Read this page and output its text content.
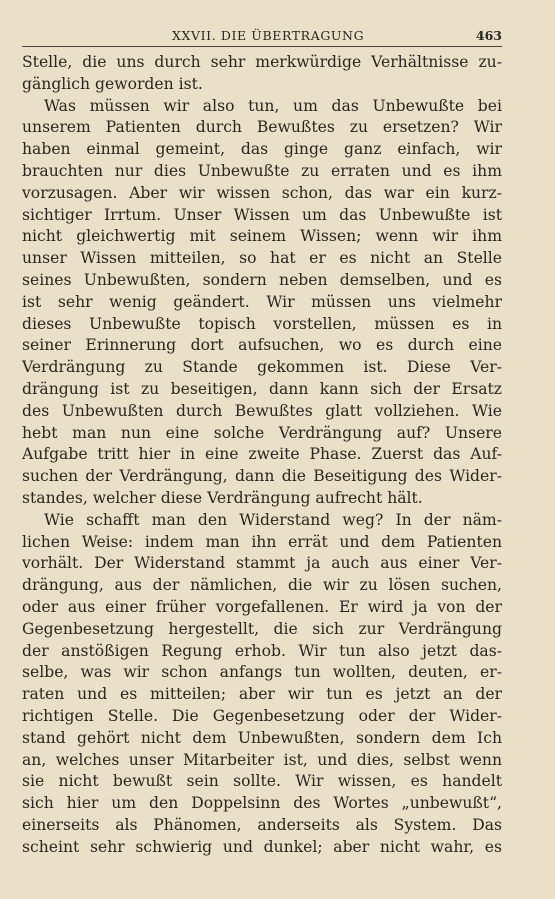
XXVII. DIE ÜBERTRAGUNG	463
Stelle, die uns durch sehr merkwürdige Verhältnisse zu-
gänglich geworden ist.
Was müssen wir also tun, um das Unbewußte bei
unserem Patienten durch Bewußtes zu ersetzen? Wir
haben einmal gemeint, das ginge ganz einfach, wir
brauchten nur dies Unbewußte zu erraten und es ihm
vorzusagen. Aber wir wissen schon, das war ein kurz-
sichtiger Irrtum. Unser Wissen um das Unbewußte ist
nicht gleichwertig mit seinem Wissen; wenn wir ihm
unser Wissen mitteilen, so hat er es nicht an Stelle
seines Unbewußten, sondern neben demselben, und es
ist sehr wenig geändert. Wir müssen uns vielmehr
dieses Unbewußte topisch vorstellen, müssen es in
seiner Erinnerung dort aufsuchen, wo es durch eine
Verdrängung zu Stande gekommen ist. Diese Ver-
drängung ist zu beseitigen, dann kann sich der Ersatz
des Unbewußten durch Bewußtes glatt vollziehen. Wie
hebt man nun eine solche Verdrängung auf? Unsere
Aufgabe tritt hier in eine zweite Phase. Zuerst das Auf-
suchen der Verdrängung, dann die Beseitigung des Wider-
standes, welcher diese Verdrängung aufrecht hält.
Wie schafft man den Widerstand weg? In der näm-
lichen Weise: indem man ihn errät und dem Patienten
vorhält. Der Widerstand stammt ja auch aus einer Ver-
drängung, aus der nämlichen, die wir zu lösen suchen,
oder aus einer früher vorgefallenen. Er wird ja von der
Gegenbesetzung hergestellt, die sich zur Verdrängung
der anstößigen Regung erhob. Wir tun also jetzt das-
selbe, was wir schon anfangs tun wollten, deuten, er-
raten und es mitteilen; aber wir tun es jetzt an der
richtigen Stelle. Die Gegenbesetzung oder der Wider-
stand gehört nicht dem Unbewußten, sondern dem Ich
an, welches unser Mitarbeiter ist, und dies, selbst wenn
sie nicht bewußt sein sollte. Wir wissen, es handelt
sich hier um den Doppelsinn des Wortes „unbewußt“,
einerseits als Phänomen, anderseits als System. Das
scheint sehr schwierig und dunkel; aber nicht wahr, es
